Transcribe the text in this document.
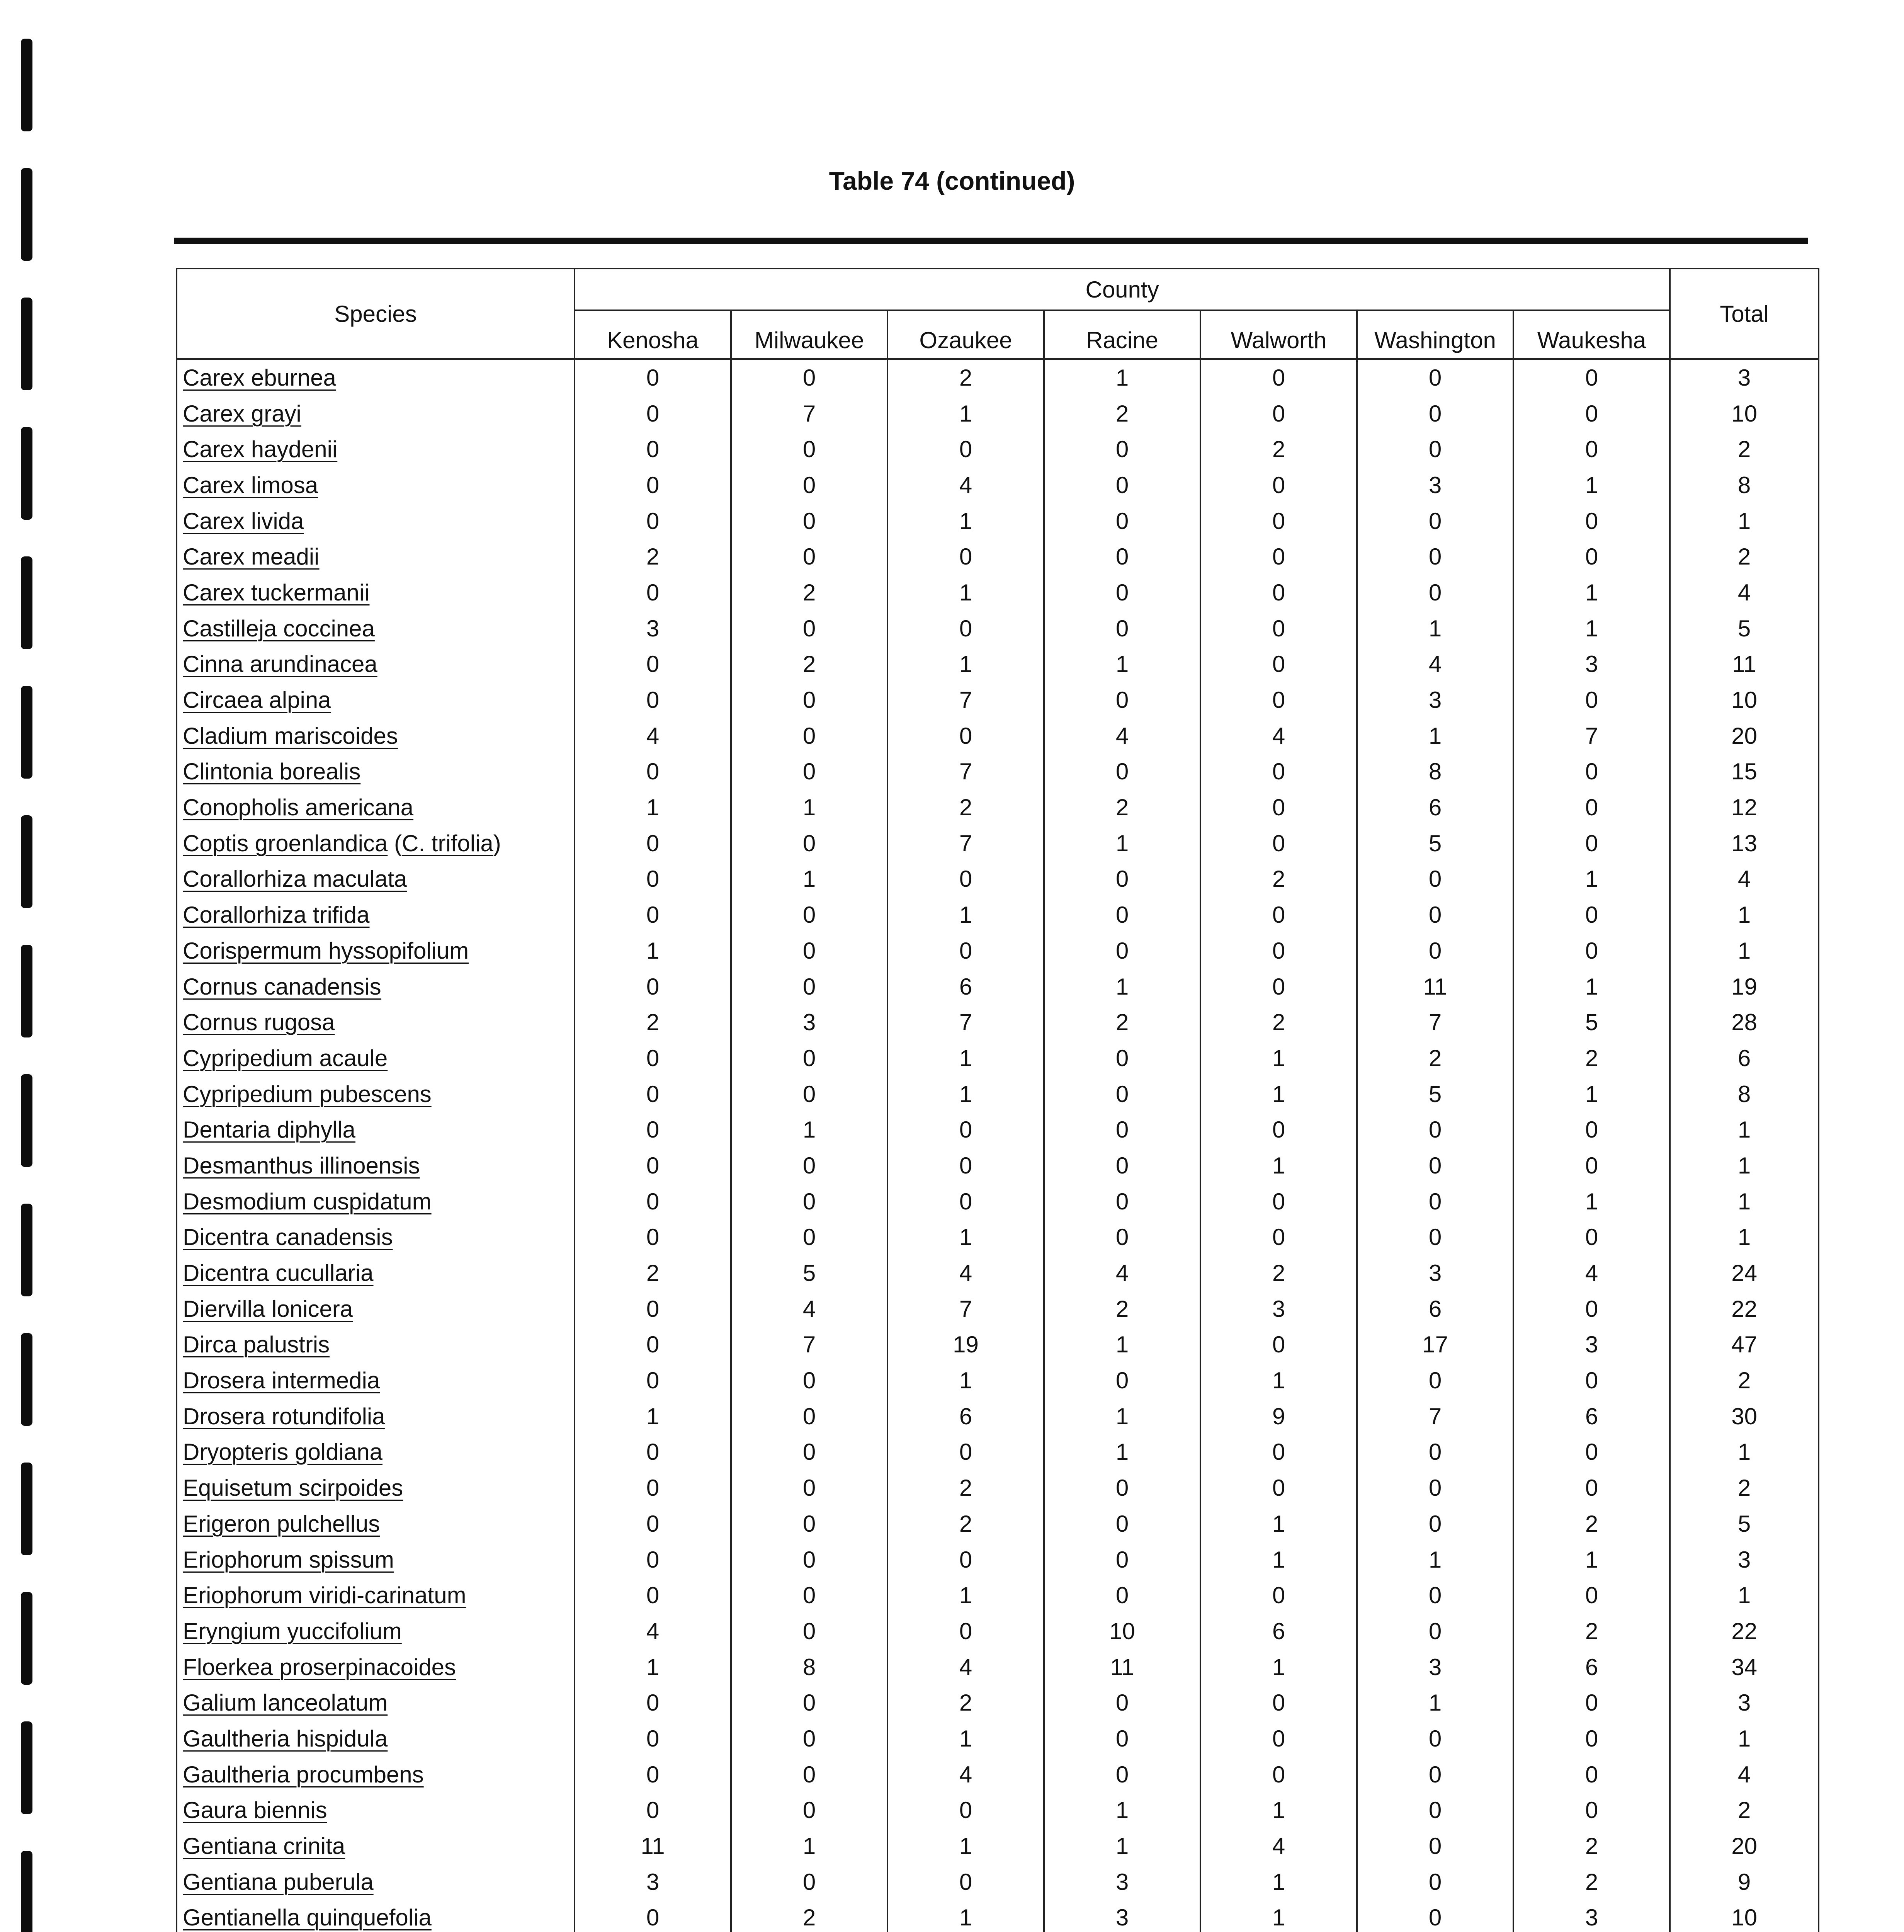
Table 74 (continued)
Species	County							Total
	Kenosha	Milwaukee	Ozaukee	Racine	Walworth	Washington	Waukesha	
Carex eburnea	0	0	2	1	0	0	0	3
Carex grayi	0	7	1	2	0	0	0	10
Carex haydenii	0	0	0	0	2	0	0	2
Carex limosa	0	0	4	0	0	3	1	8
Carex livida	0	0	1	0	0	0	0	1
Carex meadii	2	0	0	0	0	0	0	2
Carex tuckermanii	0	2	1	0	0	0	1	4
Castilleja coccinea	3	0	0	0	0	1	1	5
Cinna arundinacea	0	2	1	1	0	4	3	11
Circaea alpina	0	0	7	0	0	3	0	10
Cladium mariscoides	4	0	0	4	4	1	7	20
Clintonia borealis	0	0	7	0	0	8	0	15
Conopholis americana	1	1	2	2	0	6	0	12
Coptis groenlandica (C. trifolia)	0	0	7	1	0	5	0	13
Corallorhiza maculata	0	1	0	0	2	0	1	4
Corallorhiza trifida	0	0	1	0	0	0	0	1
Corispermum hyssopifolium	1	0	0	0	0	0	0	1
Cornus canadensis	0	0	6	1	0	11	1	19
Cornus rugosa	2	3	7	2	2	7	5	28
Cypripedium acaule	0	0	1	0	1	2	2	6
Cypripedium pubescens	0	0	1	0	1	5	1	8
Dentaria diphylla	0	1	0	0	0	0	0	1
Desmanthus illinoensis	0	0	0	0	1	0	0	1
Desmodium cuspidatum	0	0	0	0	0	0	1	1
Dicentra canadensis	0	0	1	0	0	0	0	1
Dicentra cucullaria	2	5	4	4	2	3	4	24
Diervilla lonicera	0	4	7	2	3	6	0	22
Dirca palustris	0	7	19	1	0	17	3	47
Drosera intermedia	0	0	1	0	1	0	0	2
Drosera rotundifolia	1	0	6	1	9	7	6	30
Dryopteris goldiana	0	0	0	1	0	0	0	1
Equisetum scirpoides	0	0	2	0	0	0	0	2
Erigeron pulchellus	0	0	2	0	1	0	2	5
Eriophorum spissum	0	0	0	0	1	1	1	3
Eriophorum viridi-carinatum	0	0	1	0	0	0	0	1
Eryngium yuccifolium	4	0	0	10	6	0	2	22
Floerkea proserpinacoides	1	8	4	11	1	3	6	34
Galium lanceolatum	0	0	2	0	0	1	0	3
Gaultheria hispidula	0	0	1	0	0	0	0	1
Gaultheria procumbens	0	0	4	0	0	0	0	4
Gaura biennis	0	0	0	1	1	0	0	2
Gentiana crinita	11	1	1	1	4	0	2	20
Gentiana puberula	3	0	0	3	1	0	2	9
Gentianella quinquefolia	0	2	1	3	1	0	3	10
